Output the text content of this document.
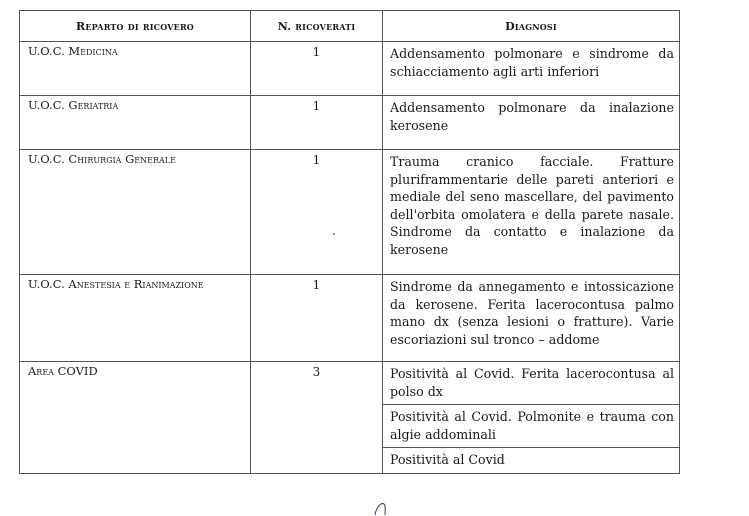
Reparto di ricovero	N. ricoverati	Diagnosi
U.O.C. Medicina	1	Addensamento polmonare e sindrome da schiacciamento agli arti inferiori

U.O.C. Geriatria	1	Addensamento polmonare da inalazione kerosene

U.O.C. Chirurgia Generale	1	Trauma cranico facciale. Fratture pluriframmentarie delle pareti anteriori e mediale del seno mascellare, del pavimento dell'orbita omolatera e della parete nasale. Sindrome da contatto e inalazione da kerosene

U.O.C. Anestesia e Rianimazione	1	Sindrome da annegamento e intossicazione da kerosene. Ferita lacerocontusa palmo mano dx (senza lesioni o fratture). Varie escoriazioni sul tronco – addome

Area COVID	3	Positività al Covid. Ferita lacerocontusa al polso dx
Positività al Covid. Polmonite e trauma con algie addominali
Positività al Covid
